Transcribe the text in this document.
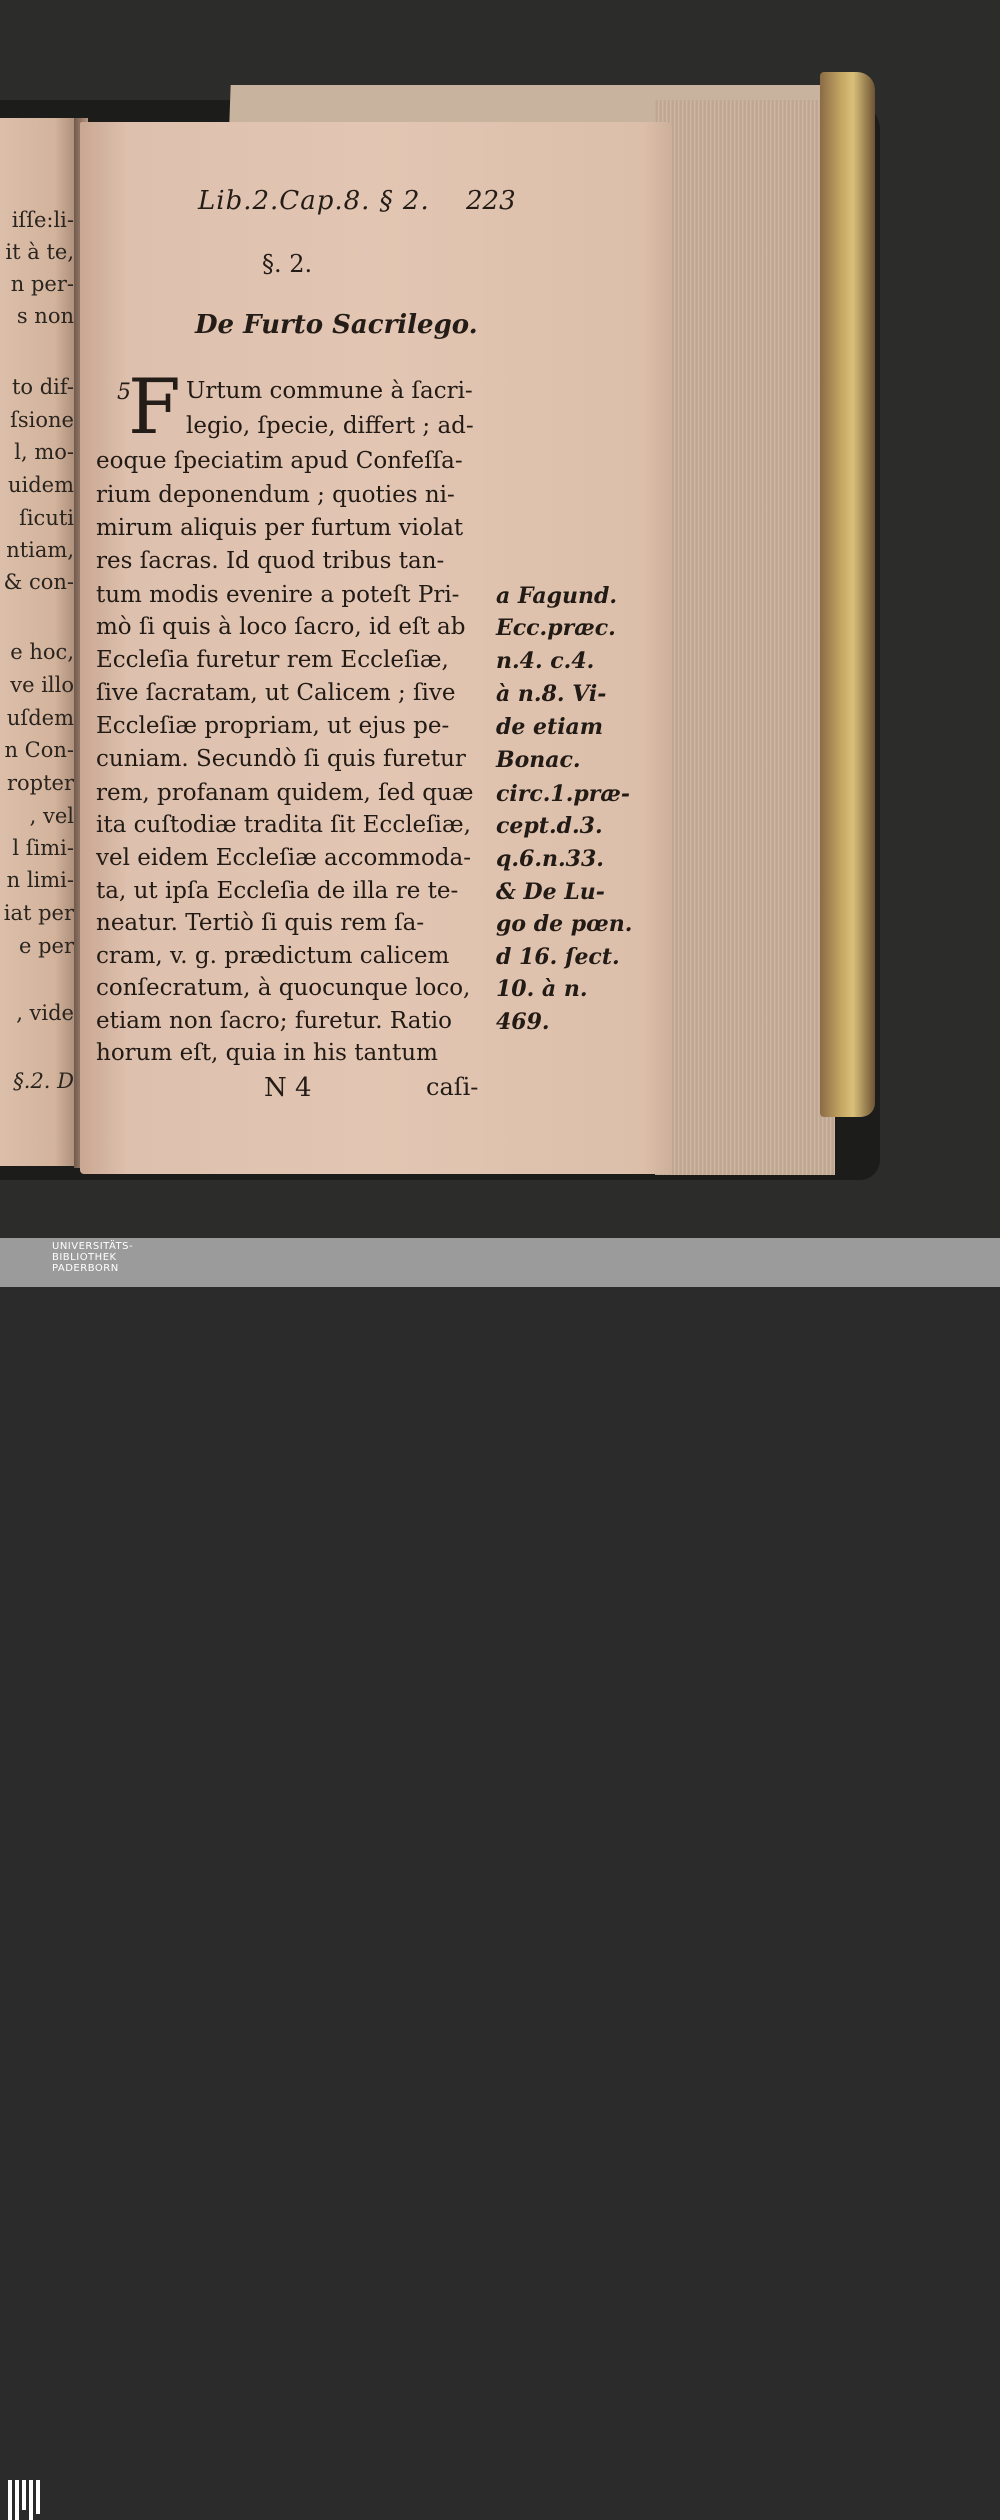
iſſe:li-
it à te,
n per-
s non
to dif-
ſsione
l, mo-
uidem
ſicuti
ntiam,
& con-
e hoc,
ve illo
uſdem
n Con-
ropter
, vel
l ſimi-
n limi-
iat per
e per
, vide
§.2. D
Lib.2.Cap.8. § 2. 223
§. 2.
De Furto Sacrilego.
5
F Urtum commune à ſacri-
legio, ſpecie, differt ; ad-
eoque ſpeciatim apud Confeſſa-
rium deponendum ; quoties ni-
mirum aliquis per furtum violat
res ſacras. Id quod tribus tan-
tum modis evenire a poteſt Pri-
mò ſi quis à loco ſacro, id eſt ab
Eccleſia furetur rem Eccleſiæ,
ſive ſacratam, ut Calicem ; ſive
Eccleſiæ propriam, ut ejus pe-
cuniam. Secundò ſi quis furetur
rem, profanam quidem, ſed quæ
ita cuſtodiæ tradita ſit Eccleſiæ,
vel eidem Eccleſiæ accommoda-
ta, ut ipſa Eccleſia de illa re te-
neatur. Tertiò ſi quis rem ſa-
cram, v. g. prædictum calicem
conſecratum, à quocunque loco,
etiam non ſacro; furetur. Ratio
horum eſt, quia in his tantum
a Fagund.
Ecc.præc.
n.4. c.4.
à n.8. Vi-
de etiam
Bonac.
circ.1.præ-
cept.d.3.
q.6.n.33.
& De Lu-
go de pœn.
d 16. ſect.
10. à n.
469.
N 4	caſi-
UNIVERSITÄTS-
BIBLIOTHEK
PADERBORN
